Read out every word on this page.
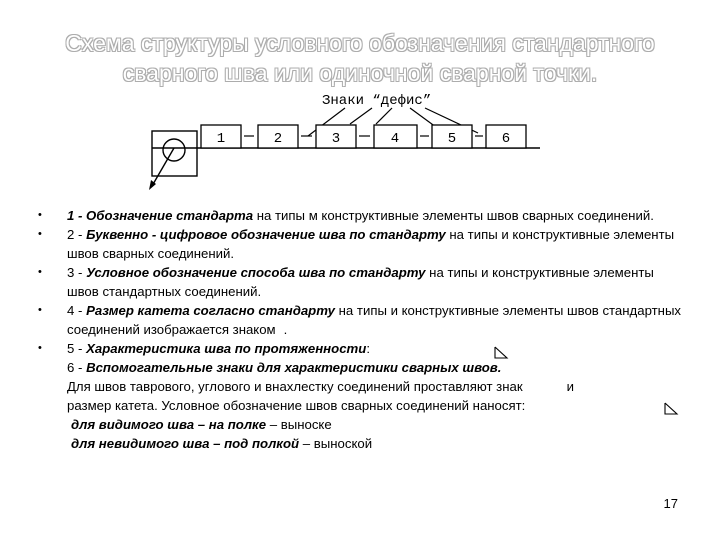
Схема структуры условного обозначения стандартного
сварного шва или одиночной сварной точки.
Знаки “дефис”
1	2	3	4	5	6
• 1 - Обозначение стандарта на типы м конструктивные элементы швов сварных соединений.
• 2 - Буквенно - цифровое обозначение шва по стандарту на типы и конструктивные элементы швов сварных соединений.
• 3 - Условное обозначение способа шва по стандарту на типы и конструктивные элементы швов стандартных соединений.
• 4 - Размер катета согласно стандарту на типы и конструктивные элементы швов стандартных соединений изображается знаком .
• 5 - Характеристика шва по протяженности:
6 - Вспомогательные знаки для характеристики сварных швов.
Для швов таврового, углового и внахлестку соединений проставляют знак	и
размер катета. Условное обозначение швов сварных соединений наносят:
для видимого шва – на полке – выноске
для невидимого шва – под полкой – выноской
17
